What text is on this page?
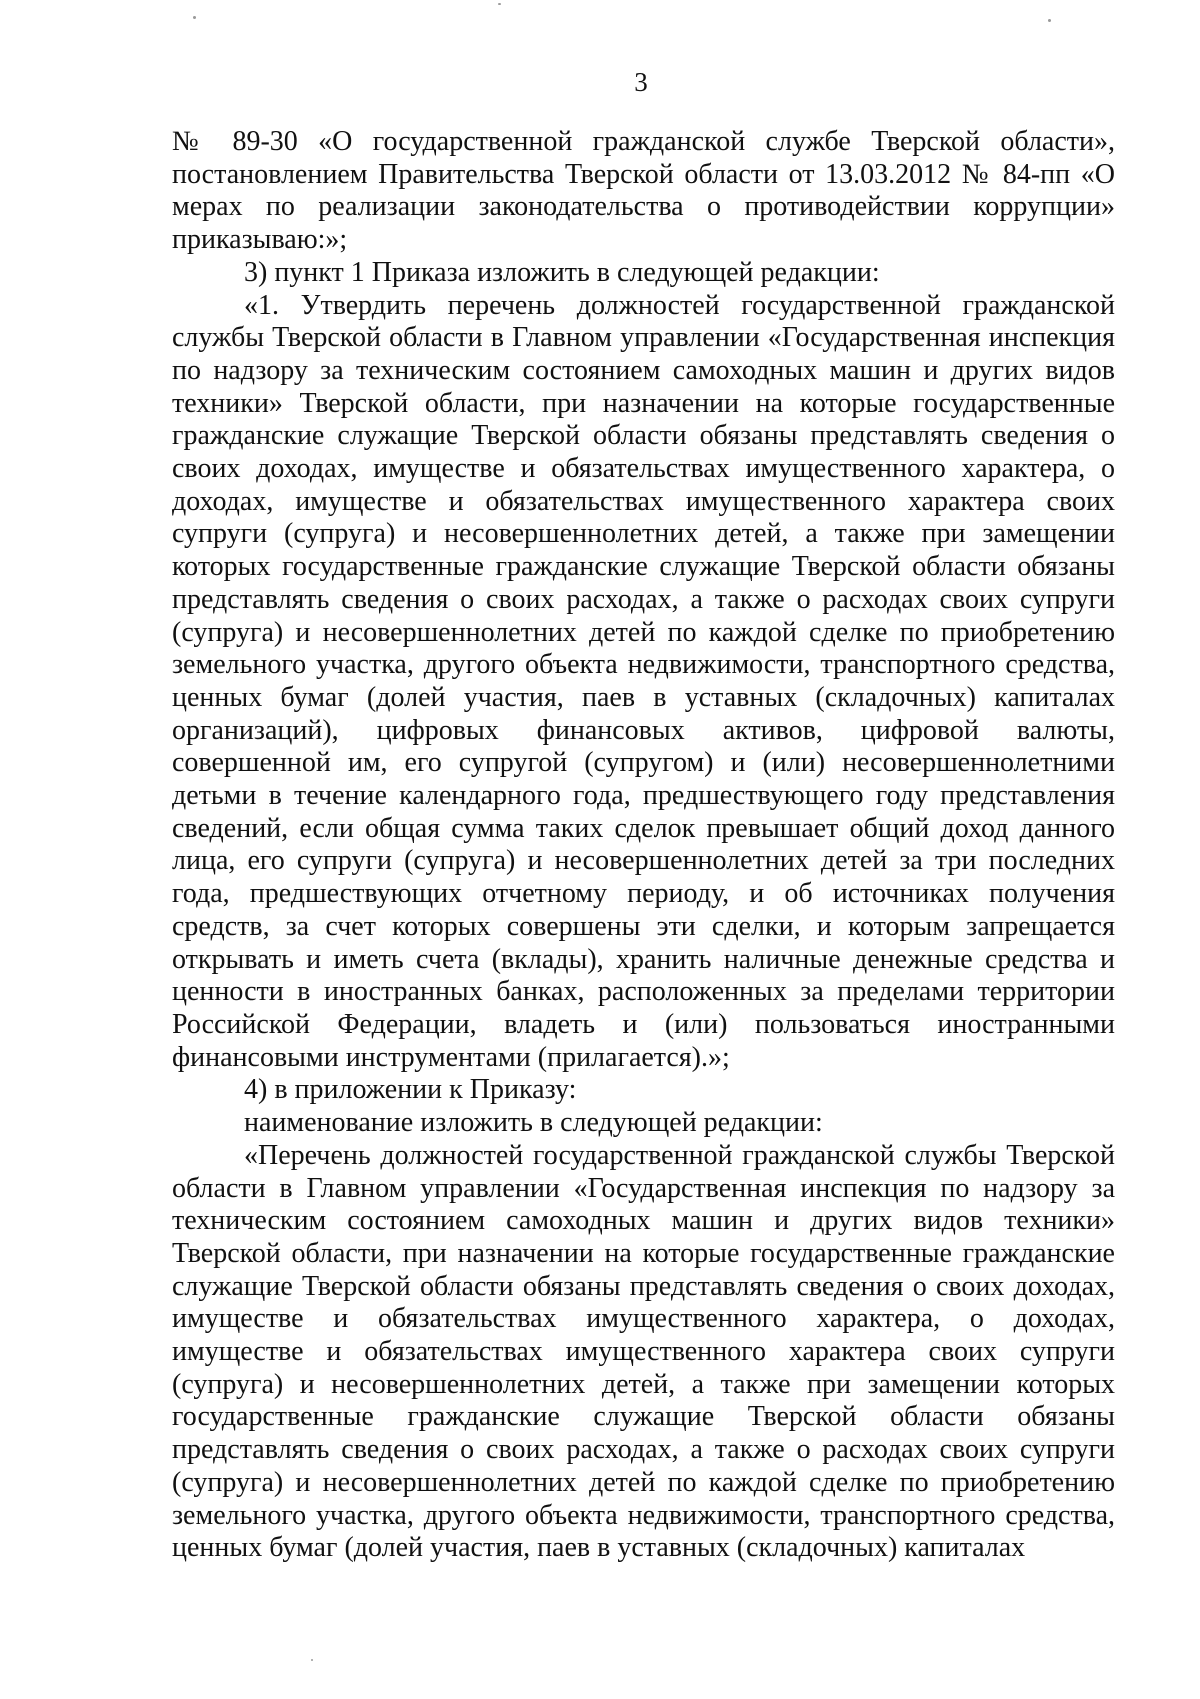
3

№ 89-30 «О государственной гражданской службе Тверской области», постановлением Правительства Тверской области от 13.03.2012 № 84-пп «О мерах по реализации законодательства о противодействии коррупции» приказываю:»;

3) пункт 1 Приказа изложить в следующей редакции:

«1. Утвердить перечень должностей государственной гражданской службы Тверской области в Главном управлении «Государственная инспекция по надзору за техническим состоянием самоходных машин и других видов техники» Тверской области, при назначении на которые государственные гражданские служащие Тверской области обязаны представлять сведения о своих доходах, имуществе и обязательствах имущественного характера, о доходах, имуществе и обязательствах имущественного характера своих супруги (супруга) и несовершеннолетних детей, а также при замещении которых государственные гражданские служащие Тверской области обязаны представлять сведения о своих расходах, а также о расходах своих супруги (супруга) и несовершеннолетних детей по каждой сделке по приобретению земельного участка, другого объекта недвижимости, транспортного средства, ценных бумаг (долей участия, паев в уставных (складочных) капиталах организаций), цифровых финансовых активов, цифровой валюты, совершенной им, его супругой (супругом) и (или) несовершеннолетними детьми в течение календарного года, предшествующего году представления сведений, если общая сумма таких сделок превышает общий доход данного лица, его супруги (супруга) и несовершеннолетних детей за три последних года, предшествующих отчетному периоду, и об источниках получения средств, за счет которых совершены эти сделки, и которым запрещается открывать и иметь счета (вклады), хранить наличные денежные средства и ценности в иностранных банках, расположенных за пределами территории Российской Федерации, владеть и (или) пользоваться иностранными финансовыми инструментами (прилагается).»;

4) в приложении к Приказу:

наименование изложить в следующей редакции:

«Перечень должностей государственной гражданской службы Тверской области в Главном управлении «Государственная инспекция по надзору за техническим состоянием самоходных машин и других видов техники» Тверской области, при назначении на которые государственные гражданские служащие Тверской области обязаны представлять сведения о своих доходах, имуществе и обязательствах имущественного характера, о доходах, имуществе и обязательствах имущественного характера своих супруги (супруга) и несовершеннолетних детей, а также при замещении которых государственные гражданские служащие Тверской области обязаны представлять сведения о своих расходах, а также о расходах своих супруги (супруга) и несовершеннолетних детей по каждой сделке по приобретению земельного участка, другого объекта недвижимости, транспортного средства, ценных бумаг (долей участия, паев в уставных (складочных) капиталах
